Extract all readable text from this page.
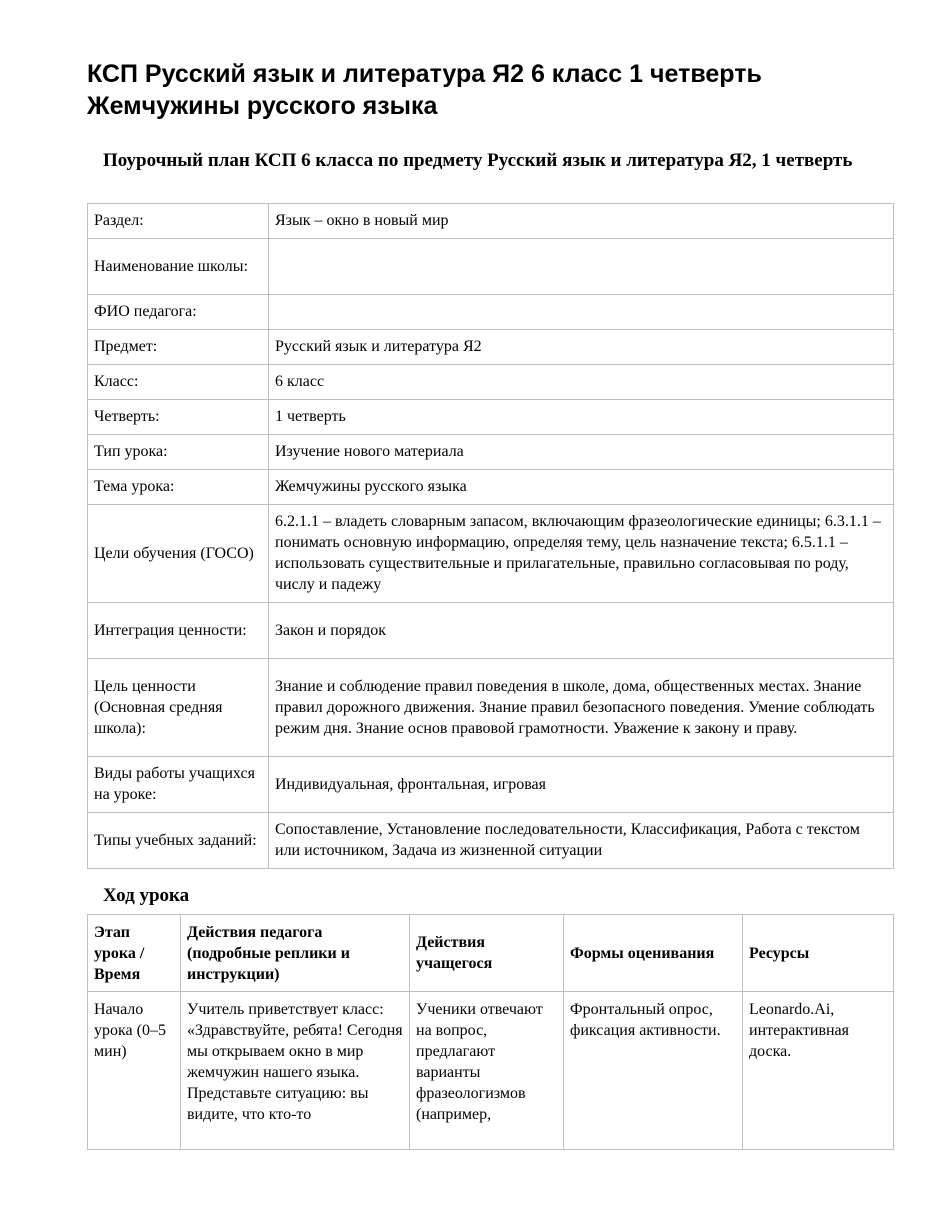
КСП Русский язык и литература Я2 6 класс 1 четверть
Жемчужины русского языка
Поурочный план КСП 6 класса по предмету Русский язык и литература Я2, 1 четверть
Раздел:	Язык – окно в новый мир
Наименование школы:	
ФИО педагога:	
Предмет:	Русский язык и литература Я2
Класс:	6 класс
Четверть:	1 четверть
Тип урока:	Изучение нового материала
Тема урока:	Жемчужины русского языка
Цели обучения (ГОСО)	6.2.1.1 – владеть словарным запасом, включающим фразеологические единицы; 6.3.1.1 – понимать основную информацию, определяя тему, цель назначение текста; 6.5.1.1 – использовать существительные и прилагательные, правильно согласовывая по роду, числу и падежу
Интеграция ценности:	Закон и порядок
Цель ценности (Основная средняя школа):	Знание и соблюдение правил поведения в школе, дома, общественных местах. Знание правил дорожного движения. Знание правил безопасного поведения. Умение соблюдать режим дня. Знание основ правовой грамотности. Уважение к закону и праву.
Виды работы учащихся на уроке:	Индивидуальная, фронтальная, игровая
Типы учебных заданий:	Сопоставление, Установление последовательности, Классификация, Работа с текстом или источником, Задача из жизненной ситуации
Ход урока
Этап урока / Время	Действия педагога (подробные реплики и инструкции)	Действия учащегося	Формы оценивания	Ресурсы

Начало урока (0–5 мин)	Учитель приветствует класс: «Здравствуйте, ребята! Сегодня мы открываем окно в мир жемчужин нашего языка. Представьте ситуацию: вы видите, что кто-то	Ученики отвечают на вопрос, предлагают варианты фразеологизмов (например,	Фронтальный опрос, фиксация активности.	Leonardo.Ai, интерактивная доска.
